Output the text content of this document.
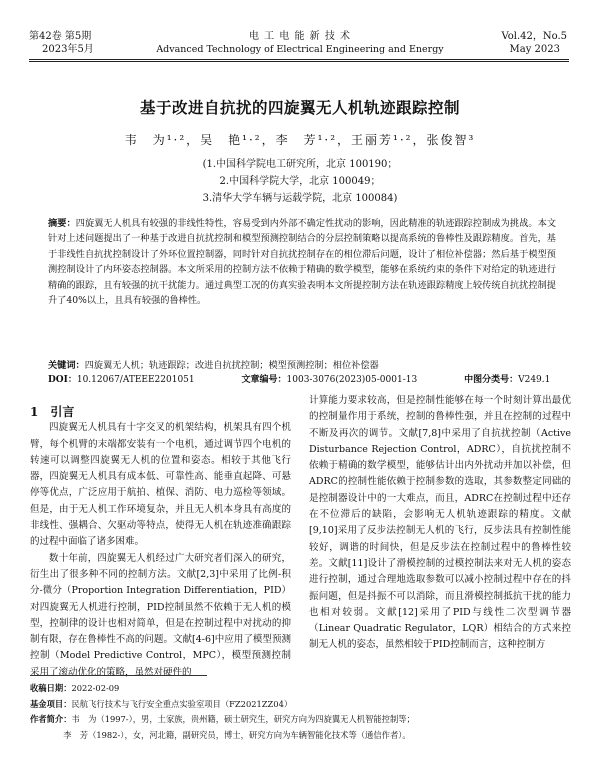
第42卷 第5期
2023年5月
电 工 电 能 新 技 术
Advanced Technology of Electrical Engineering and Energy
Vol.42，No.5
May 2023
基于改进自抗扰的四旋翼无人机轨迹跟踪控制
韦　为¹·²，吴　艳¹·²，李　芳¹·²，王丽芳¹·²，张俊智³
(1.中国科学院电工研究所，北京 100190；
2.中国科学院大学，北京 100049；
3.清华大学车辆与运载学院，北京 100084)
摘要：四旋翼无人机具有较强的非线性特性，容易受到内外部不确定性扰动的影响，因此精准的轨迹跟踪控制成为挑战。本文针对上述问题提出了一种基于改进自抗扰控制和模型预测控制结合的分层控制策略以提高系统的鲁棒性及跟踪精度。首先，基于非线性自抗扰控制设计了外环位置控制器，同时针对自抗扰控制存在的相位滞后问题，设计了相位补偿器；然后基于模型预测控制设计了内环姿态控制器。本文所采用的控制方法不依赖于精确的数学模型，能够在系统约束的条件下对给定的轨迹进行精确的跟踪，且有较强的抗干扰能力。通过典型工况的仿真实验表明本文所提控制方法在轨迹跟踪精度上较传统自抗扰控制提升了40%以上，且具有较强的鲁棒性。
关键词：四旋翼无人机；轨迹跟踪；改进自抗扰控制；模型预测控制；相位补偿器
DOI：10.12067/ATEEE2201051	文章编号：1003-3076(2023)05-0001-13	中图分类号：V249.1

1　引言

四旋翼无人机具有十字交叉的机架结构，机架具有四个机臂，每个机臂的末端都安装有一个电机，通过调节四个电机的转速可以调整四旋翼无人机的位置和姿态。相较于其他飞行器，四旋翼无人机具有成本低、可靠性高、能垂直起降、可悬停等优点，广泛应用于航拍、植保、消防、电力巡检等领域。但是，由于无人机工作环境复杂，并且无人机本身具有高度的非线性、强耦合、欠驱动等特点，使得无人机在轨迹准确跟踪的过程中面临了诸多困难。

数十年前，四旋翼无人机经过广大研究者们深入的研究，衍生出了很多种不同的控制方法。文献[2,3]中采用了比例-积分-微分（Proportion Integration Differentiation，PID）对四旋翼无人机进行控制，PID控制虽然不依赖于无人机的模型，控制律的设计也相对简单，但是在控制过程中对扰动的抑制有限，存在鲁棒性不高的问题。文献[4-6]中应用了模型预测控制（Model Predictive Control，MPC），模型预测控制采用了滚动优化的策略，虽然对硬件的

计算能力要求较高，但是控制性能够在每一个时刻计算出最优的控制量作用于系统，控制的鲁棒性强，并且在控制的过程中不断及再次的调节。文献[7,8]中采用了自抗扰控制（Active Disturbance Rejection Control，ADRC），自抗扰控制不依赖于精确的数学模型，能够估计出内外扰动并加以补偿，但ADRC的控制性能依赖于控制参数的选取，其参数整定同础的是控制器设计中的一大难点，而且，ADRC在控制过程中还存在不位滞后的缺陷，会影响无人机轨迹跟踪的精度。文献[9,10]采用了反步法控制无人机的飞行，反步法具有控制性能较好，调谐的时间快，但是反步法在控制过程中的鲁棒性较差。文献[11]设计了滑模控制的过模控制法来对无人机的姿态进行控制，通过合理地选取参数可以减小控制过程中存在的抖振问题，但是抖振不可以消除，而且滑模控制抵抗干扰的能力也相对较弱。文献[12]采用了PID与线性二次型调节器（Linear Quadratic Regulator，LQR）相结合的方式来控制无人机的姿态，虽然相较于PID控制而言，这种控制方

收稿日期：2022-02-09
基金项目：民航飞行技术与飞行安全重点实验室项目（FZ2021ZZ04）
作者简介：韦　为（1997-），男，土家族，贵州籍，硕士研究生，研究方向为四旋翼无人机智能控制等；
　　　　李　芳（1982-），女，河北籍，副研究员，博士，研究方向为车辆智能化技术等（通信作者）。
